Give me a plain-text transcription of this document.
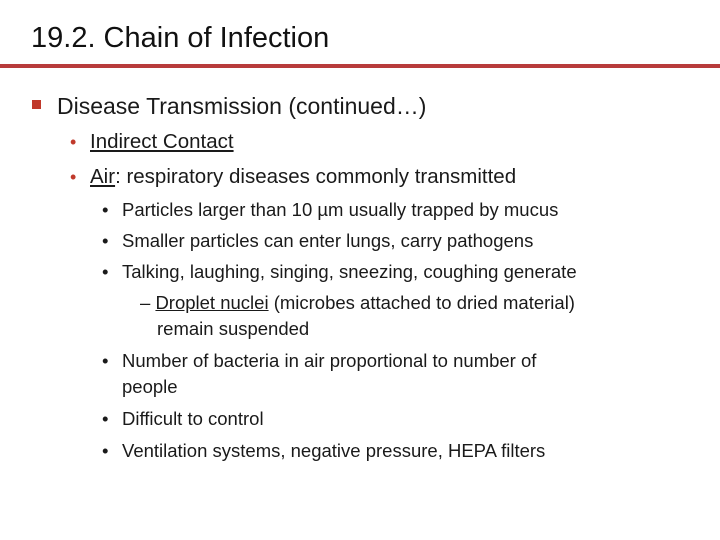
19.2. Chain of Infection
Disease Transmission (continued…)
• Indirect Contact
• Air: respiratory diseases commonly transmitted
• Particles larger than 10 µm usually trapped by mucus
• Smaller particles can enter lungs, carry pathogens
• Talking, laughing, singing, sneezing, coughing generate
– Droplet nuclei (microbes attached to dried material)
remain suspended
• Number of bacteria in air proportional to number of
people
• Difficult to control
• Ventilation systems, negative pressure, HEPA filters
